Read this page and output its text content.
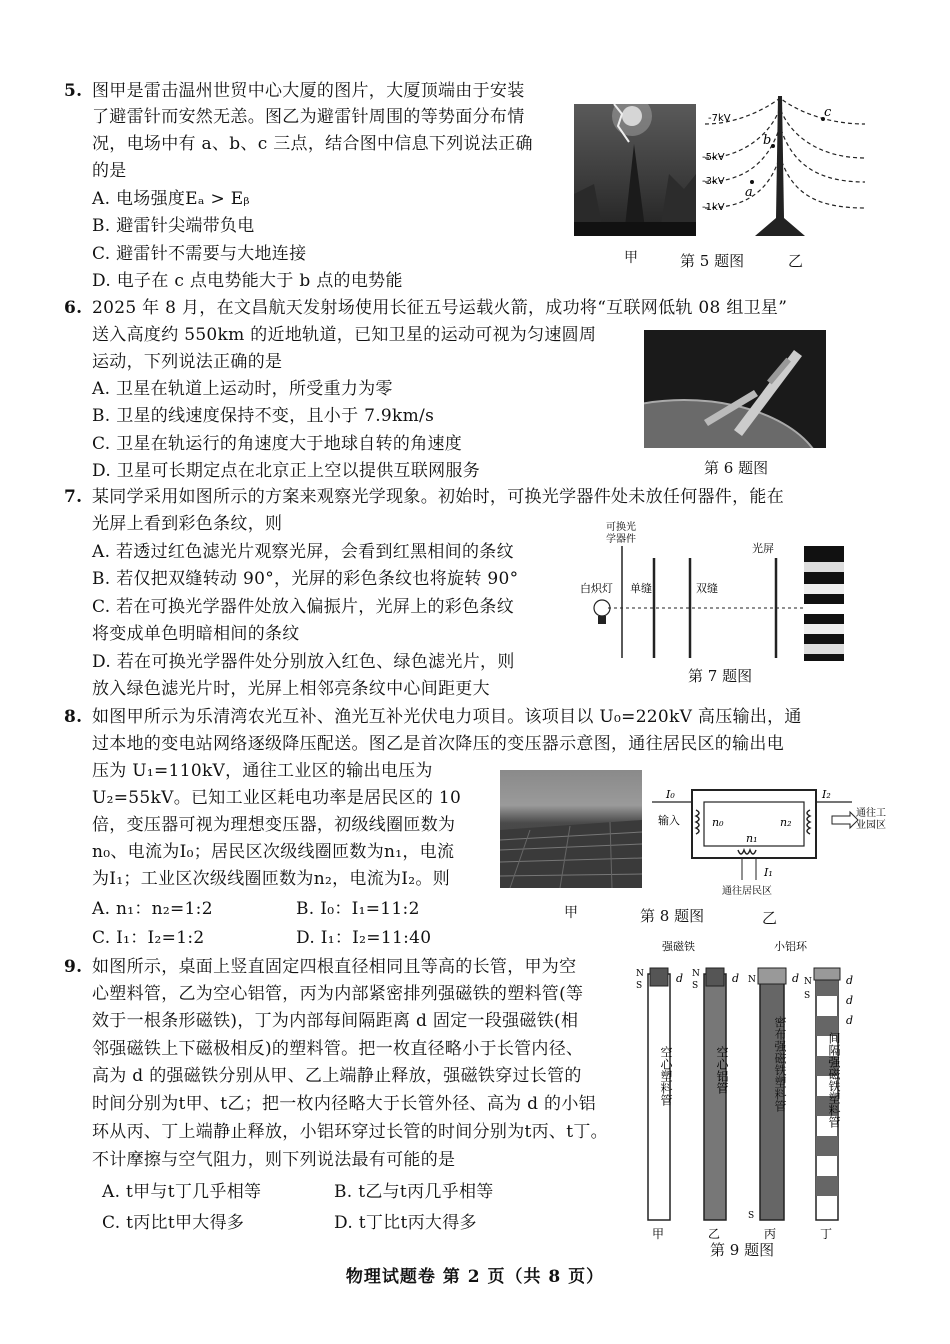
5. 图甲是雷击温州世贸中心大厦的图片，大厦顶端由于安装
了避雷针而安然无恙。图乙为避雷针周围的等势面分布情
况，电场中有 a、b、c 三点，结合图中信息下列说法正确
的是
A. 电场强度Eₐ > Eᵦ
B. 避雷针尖端带负电
C. 避雷针不需要与大地连接
D. 电子在 c 点电势能大于 b 点的电势能
甲	第 5 题图	乙
-7kV
-5kV
-3kV
-1kV
c
b
a
6. 2025 年 8 月，在文昌航天发射场使用长征五号运载火箭，成功将“互联网低轨 08 组卫星”
送入高度约 550km 的近地轨道，已知卫星的运动可视为匀速圆周
运动，下列说法正确的是
A. 卫星在轨道上运动时，所受重力为零
B. 卫星的线速度保持不变，且小于 7.9km/s
C. 卫星在轨运行的角速度大于地球自转的角速度
D. 卫星可长期定点在北京正上空以提供互联网服务	第 6 题图
7. 某同学采用如图所示的方案来观察光学现象。初始时，可换光学器件处未放任何器件，能在
光屏上看到彩色条纹，则
A. 若透过红色滤光片观察光屏，会看到红黑相间的条纹
B. 若仅把双缝转动 90°，光屏的彩色条纹也将旋转 90°
C. 若在可换光学器件处放入偏振片，光屏上的彩色条纹
将变成单色明暗相间的条纹
D. 若在可换光学器件处分别放入红色、绿色滤光片，则
放入绿色滤光片时，光屏上相邻亮条纹中心间距更大
可换光
学器件
光屏
白炽灯 单缝	双缝
第 7 题图
8. 如图甲所示为乐清湾农光互补、渔光互补光伏电力项目。该项目以 U₀=220kV 高压输出，通
过本地的变电站网络逐级降压配送。图乙是首次降压的变压器示意图，通往居民区的输出电
压为 U₁=110kV，通往工业区的输出电压为
U₂=55kV。已知工业区耗电功率是居民区的 10
倍，变压器可视为理想变压器，初级线圈匝数为
n₀、电流为I₀；居民区次级线圈匝数为n₁，电流
为I₁；工业区次级线圈匝数为n₂，电流为I₂。则
A. n₁：n₂=1:2	B. I₀：I₁=11:2
C. I₁：I₂=1:2	D. I₁：I₂=11:40
甲	第 8 题图	乙
I₀	I₂
输入	n₀	n₂
n₁
I₁
通往工
业园区
通往居民区
9. 如图所示，桌面上竖直固定四根直径相同且等高的长管，甲为空
心塑料管，乙为空心铝管，丙为内部紧密排列强磁铁的塑料管(等
效于一根条形磁铁)，丁为内部每间隔距离 d 固定一段强磁铁(相
邻强磁铁上下磁极相反)的塑料管。把一枚直径略小于长管内径、
高为 d 的强磁铁分别从甲、乙上端静止释放，强磁铁穿过长管的
时间分别为t甲、t乙；把一枚内径略大于长管外径、高为 d 的小铝
环从丙、丁上端静止释放，小铝环穿过长管的时间分别为t丙、t丁。
不计摩擦与空气阻力，则下列说法最有可能的是
A. t甲与t丁几乎相等	B. t乙与t丙几乎相等
C. t丙比t甲大得多	D. t丁比t丙大得多
强磁铁	小铝环
N
S
d
空心塑料管
N
S
d
空心铝管
N
S
d
密布强磁铁塑料管
N
S
d
d
d
间隔强磁铁塑料管
甲	乙	丙	丁
第 9 题图
物理试题卷 第 2 页（共 8 页）
